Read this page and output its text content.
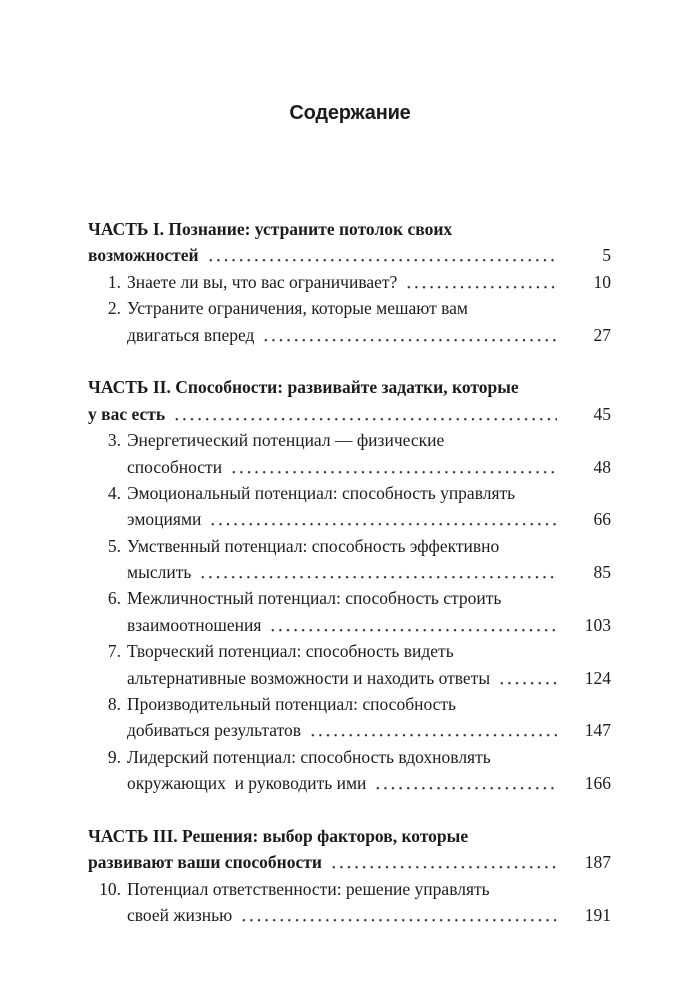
Содержание
ЧАСТЬ I. Познание: устраните потолок своих
возможностей	5
1. Знаете ли вы, что вас ограничивает?	10
2. Устраните ограничения, которые мешают вам
двигаться вперед	27
ЧАСТЬ II. Способности: развивайте задатки, которые
у вас есть	45
3. Энергетический потенциал — физические
способности	48
4. Эмоциональный потенциал: способность управлять
эмоциями	66
5. Умственный потенциал: способность эффективно
мыслить	85
6. Межличностный потенциал: способность строить
взаимоотношения	103
7. Творческий потенциал: способность видеть
альтернативные возможности и находить ответы	124
8. Производительный потенциал: способность
добиваться результатов	147
9. Лидерский потенциал: способность вдохновлять
окружающих  и руководить ими	166
ЧАСТЬ III. Решения: выбор факторов, которые
развивают ваши способности	187
10. Потенциал ответственности: решение управлять
своей жизнью	191
